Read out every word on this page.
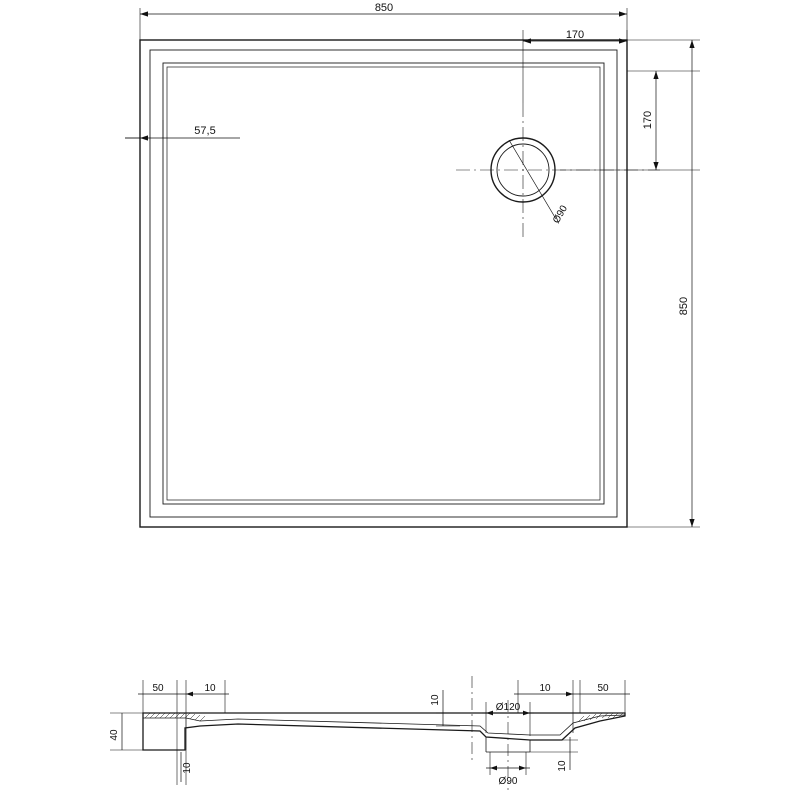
850
170
170
850
57,5
Ø90
50	10
40
10
10
10	50
Ø120
Ø90
10
